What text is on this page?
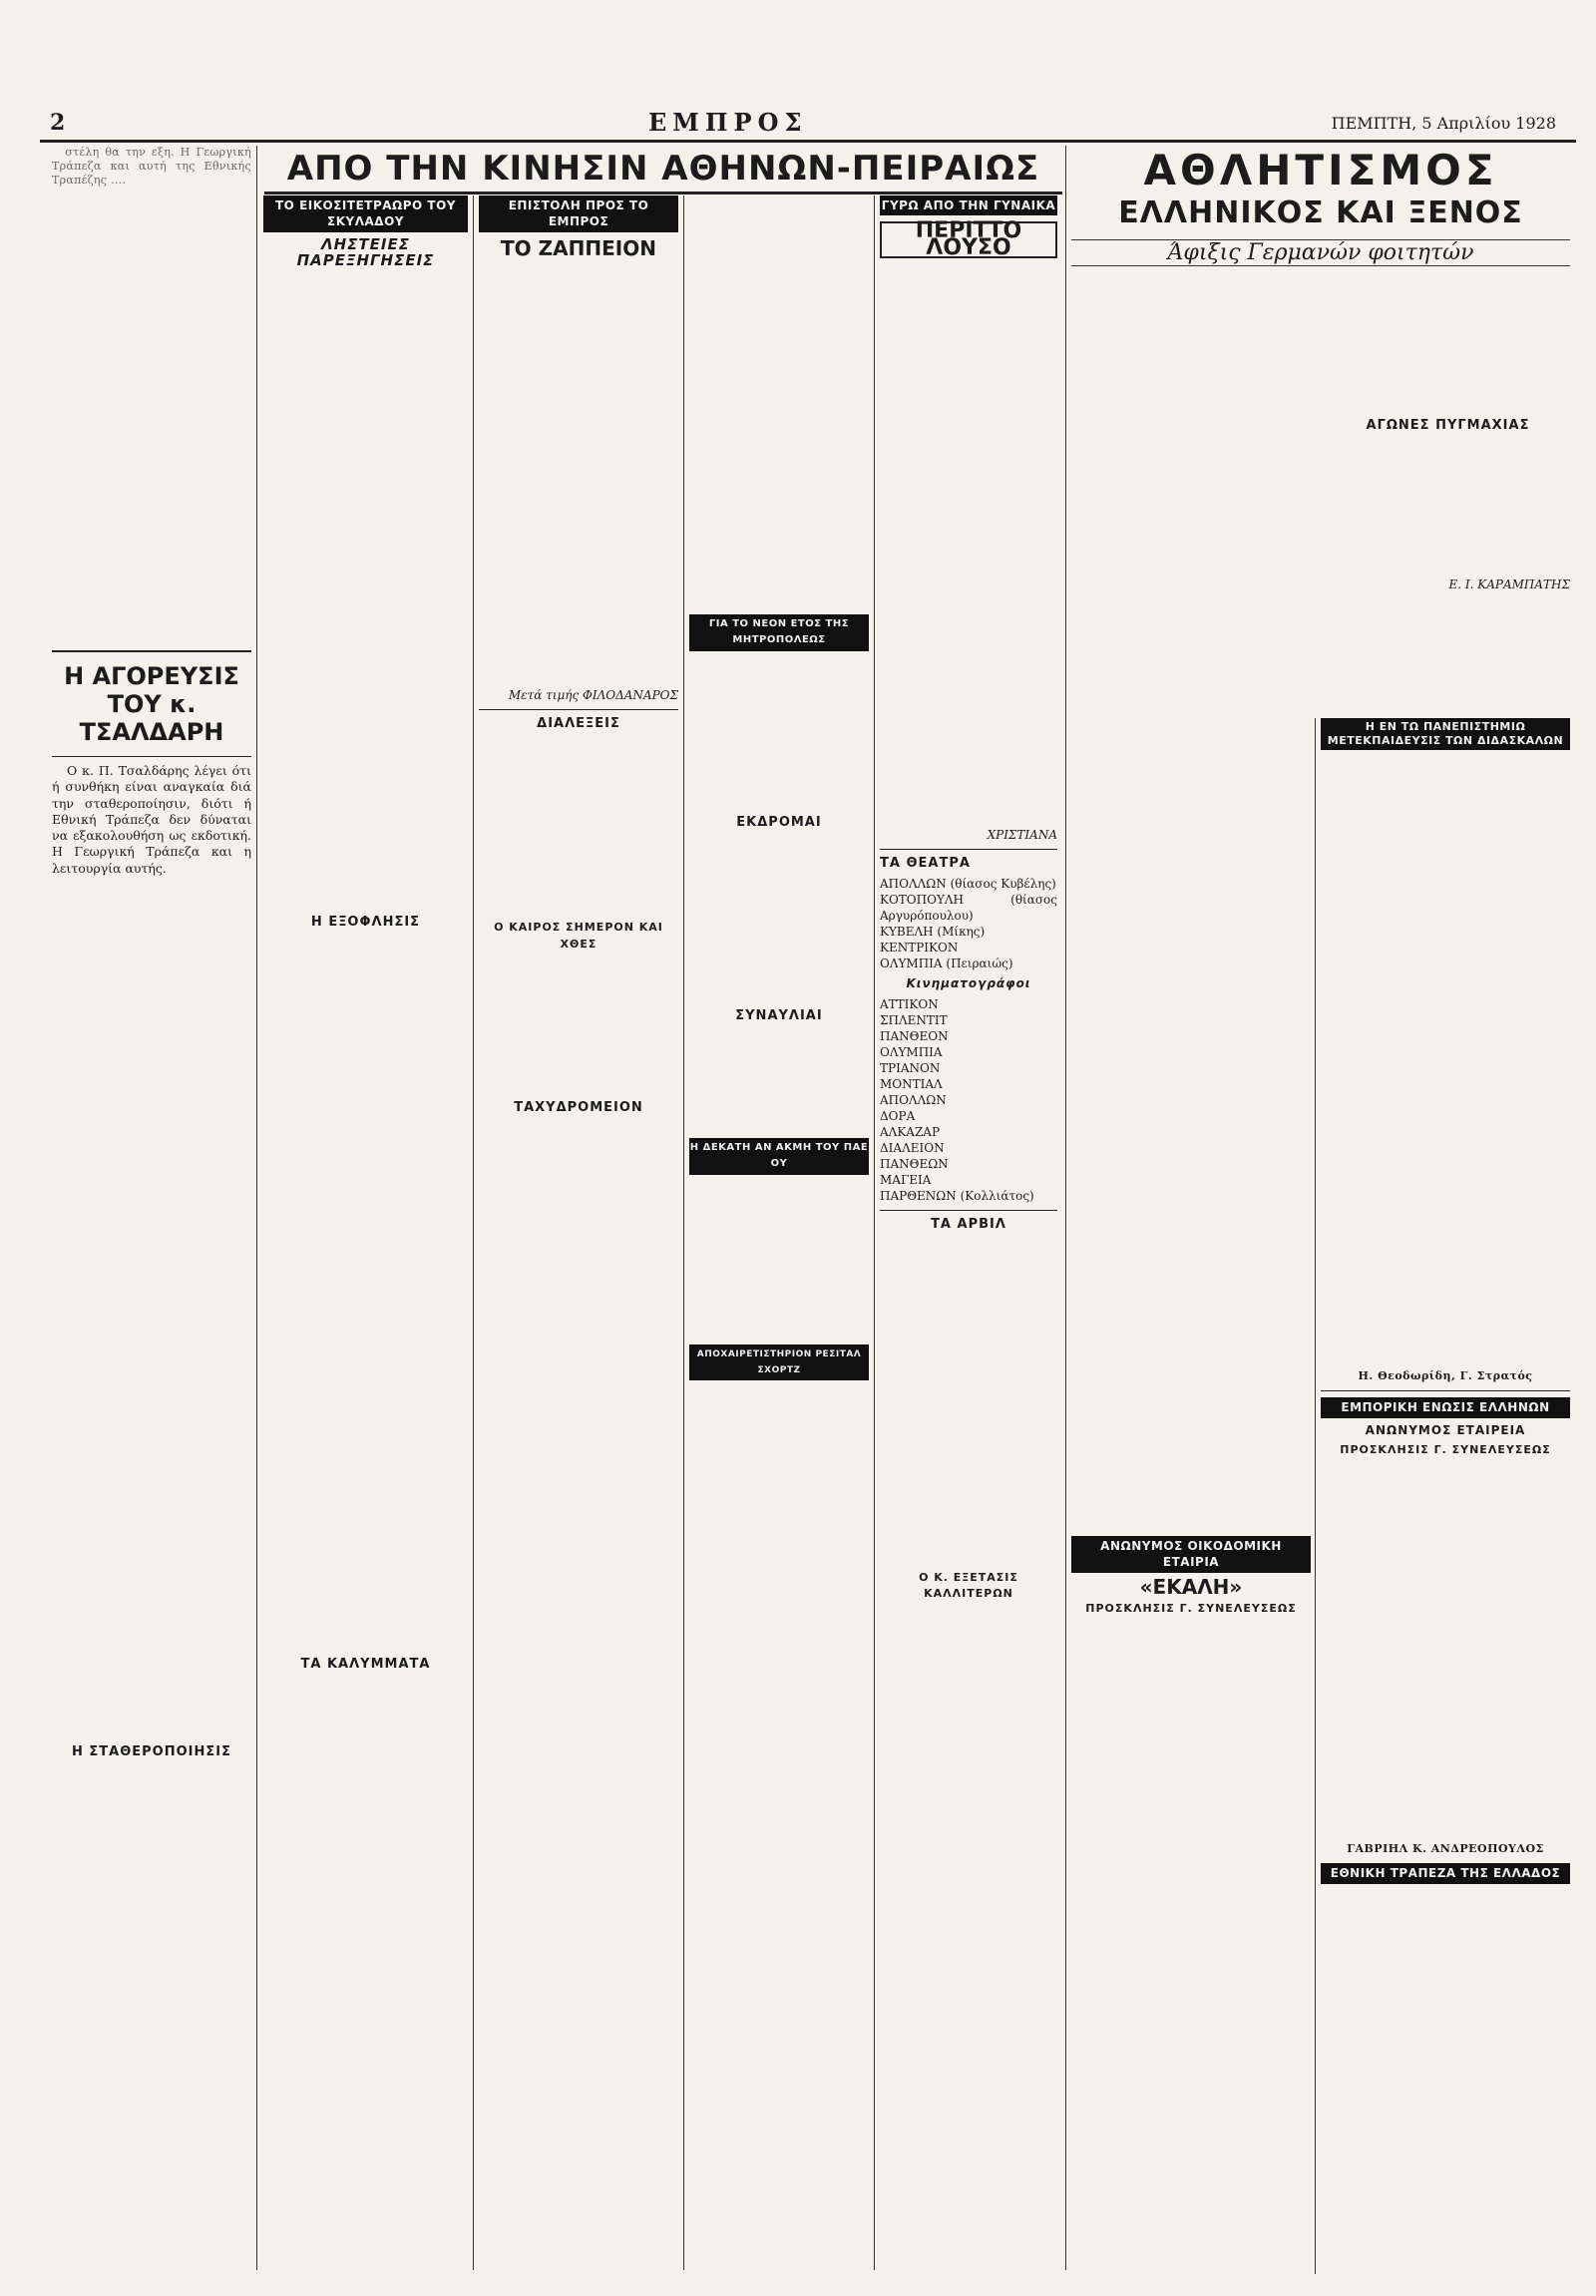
2	ΕΜΠΡΟΣ	ΠΕΜΠΤΗ, 5 Απριλίου 1928

στέλη θα την εξη. Η Γεωργική Τράπεζα και αυτή της Εθνικής Τραπέζης ....

Η ΑΓΟΡΕΥΣΙΣ ΤΟΥ κ. ΤΣΑΛΔΑΡΗ

Ο κ. Π. Τσαλδάρης λέγει ότι ή συνθήκη είναι αναγκαία διά την σταθεροποίησιν, διότι ή Εθνική Τράπεζα δεν δύναται να εξακολουθήση ως εκδοτική. Η Γεωργική Τράπεζα και η λειτουργία αυτής.

Η ΣΤΑΘΕΡΟΠΟΙΗΣΙΣ
ΑΠΟ ΤΗΝ ΚΙΝΗΣΙΝ ΑΘΗΝΩΝ-ΠΕΙΡΑΙΩΣ
ΤΟ ΕΙΚΟΣΙΤΕΤΡΑΩΡΟ ΤΟΥ ΣΚΥΛΑΔΟΥ
ΛΗΣΤΕΙΕΣ ΠΑΡΕΞΗΓΗΣΕΙΣ
Η ΕΞΟΦΛΗΣΙΣ
ΤΑ ΚΑΛΥΜΜΑΤΑ
ΕΠΙΣΤΟΛΗ ΠΡΟΣ ΤΟ ΕΜΠΡΟΣ
ΤΟ ΖΑΠΠΕΙΟΝ
Μετά τιμής ΦΙΛΟΔΑΝΑΡΟΣ
ΔΙΑΛΕΞΕΙΣ
Ο ΚΑΙΡΟΣ ΣΗΜΕΡΟΝ ΚΑΙ ΧΘΕΣ
ΤΑΧΥΔΡΟΜΕΙΟΝ
ΓΙΑ ΤΟ ΝΕΟΝ ΕΤΟΣ ΤΗΣ ΜΗΤΡΟΠΟΛΕΩΣ
ΕΚΔΡΟΜΑΙ
ΣΥΝΑΥΛΙΑΙ
Η ΔΕΚΑΤΗ ΑΝ ΑΚΜΗ ΤΟΥ ΠΑΕ ΟΥ
ΑΠΟΧΑΙΡΕΤΙΣΤΗΡΙΟΝ ΡΕΣΙΤΑΛ ΣΧΟΡΤΖ
ΓΥΡΩ ΑΠΟ ΤΗΝ ΓΥΝΑΙΚΑ
ΠΕΡΙΤΤΟ ΛΟΥΣΟ
ΧΡΙΣΤΙΑΝΑ
ΤΑ ΘΕΑΤΡΑ

ΑΠΟΛΛΩΝ (θίασος Κυβέλης)

ΚΟΤΟΠΟΥΛΗ (θίασος Αργυρόπουλου)

ΚΥΒΕΛΗ (Μίκης)

ΚΕΝΤΡΙΚΟΝ

ΟΛΥΜΠΙΑ (Πειραιώς)

Κινηματογράφοι

ΑΤΤΙΚΟΝ

ΣΠΛΕΝΤΙΤ

ΠΑΝΘΕΟΝ

ΟΛΥΜΠΙΑ

ΤΡΙΑΝΟΝ

ΜΟΝΤΙΑΛ

ΑΠΟΛΛΩΝ

ΔΟΡΑ

ΑΛΚΑΖΑΡ

ΔΙΑΛΕΙΟΝ

ΠΑΝΘΕΩΝ

ΜΑΓΕΙΑ

ΠΑΡΘΕΝΩΝ (Κολλιάτος)

ΤΑ ΑΡΒΙΛ
Ο Κ. ΕΞΕΤΑΣΙΣ ΚΑΛΛΙΤΕΡΩΝ
ΑΘΛΗΤΙΣΜΟΣ
ΕΛΛΗΝΙΚΟΣ ΚΑΙ ΞΕΝΟΣ
Άφιξις Γερμανών φοιτητών
ΑΓΩΝΕΣ ΠΥΓΜΑΧΙΑΣ
Ε. Ι. ΚΑΡΑΜΠΑΤΗΣ
ΑΝΩΝΥΜΟΣ ΟΙΚΟΔΟΜΙΚΗ ΕΤΑΙΡΙΑ
«ΕΚΑΛΗ»
ΠΡΟΣΚΛΗΣΙΣ Γ. ΣΥΝΕΛΕΥΣΕΩΣ
Η ΕΝ ΤΩ ΠΑΝΕΠΙΣΤΗΜΙΩ ΜΕΤΕΚΠΑΙΔΕΥΣΙΣ ΤΩΝ ΔΙΔΑΣΚΑΛΩΝ
Η. Θεοδωρίδη, Γ. Στρατός
ΕΜΠΟΡΙΚΗ ΕΝΩΣΙΣ ΕΛΛΗΝΩΝ
ΑΝΩΝΥΜΟΣ ΕΤΑΙΡΕΙΑ
ΠΡΟΣΚΛΗΣΙΣ Γ. ΣΥΝΕΛΕΥΣΕΩΣ
ΓΑΒΡΙΗΛ Κ. ΑΝΔΡΕΟΠΟΥΛΟΣ
ΕΘΝΙΚΗ ΤΡΑΠΕΖΑ ΤΗΣ ΕΛΛΑΔΟΣ
